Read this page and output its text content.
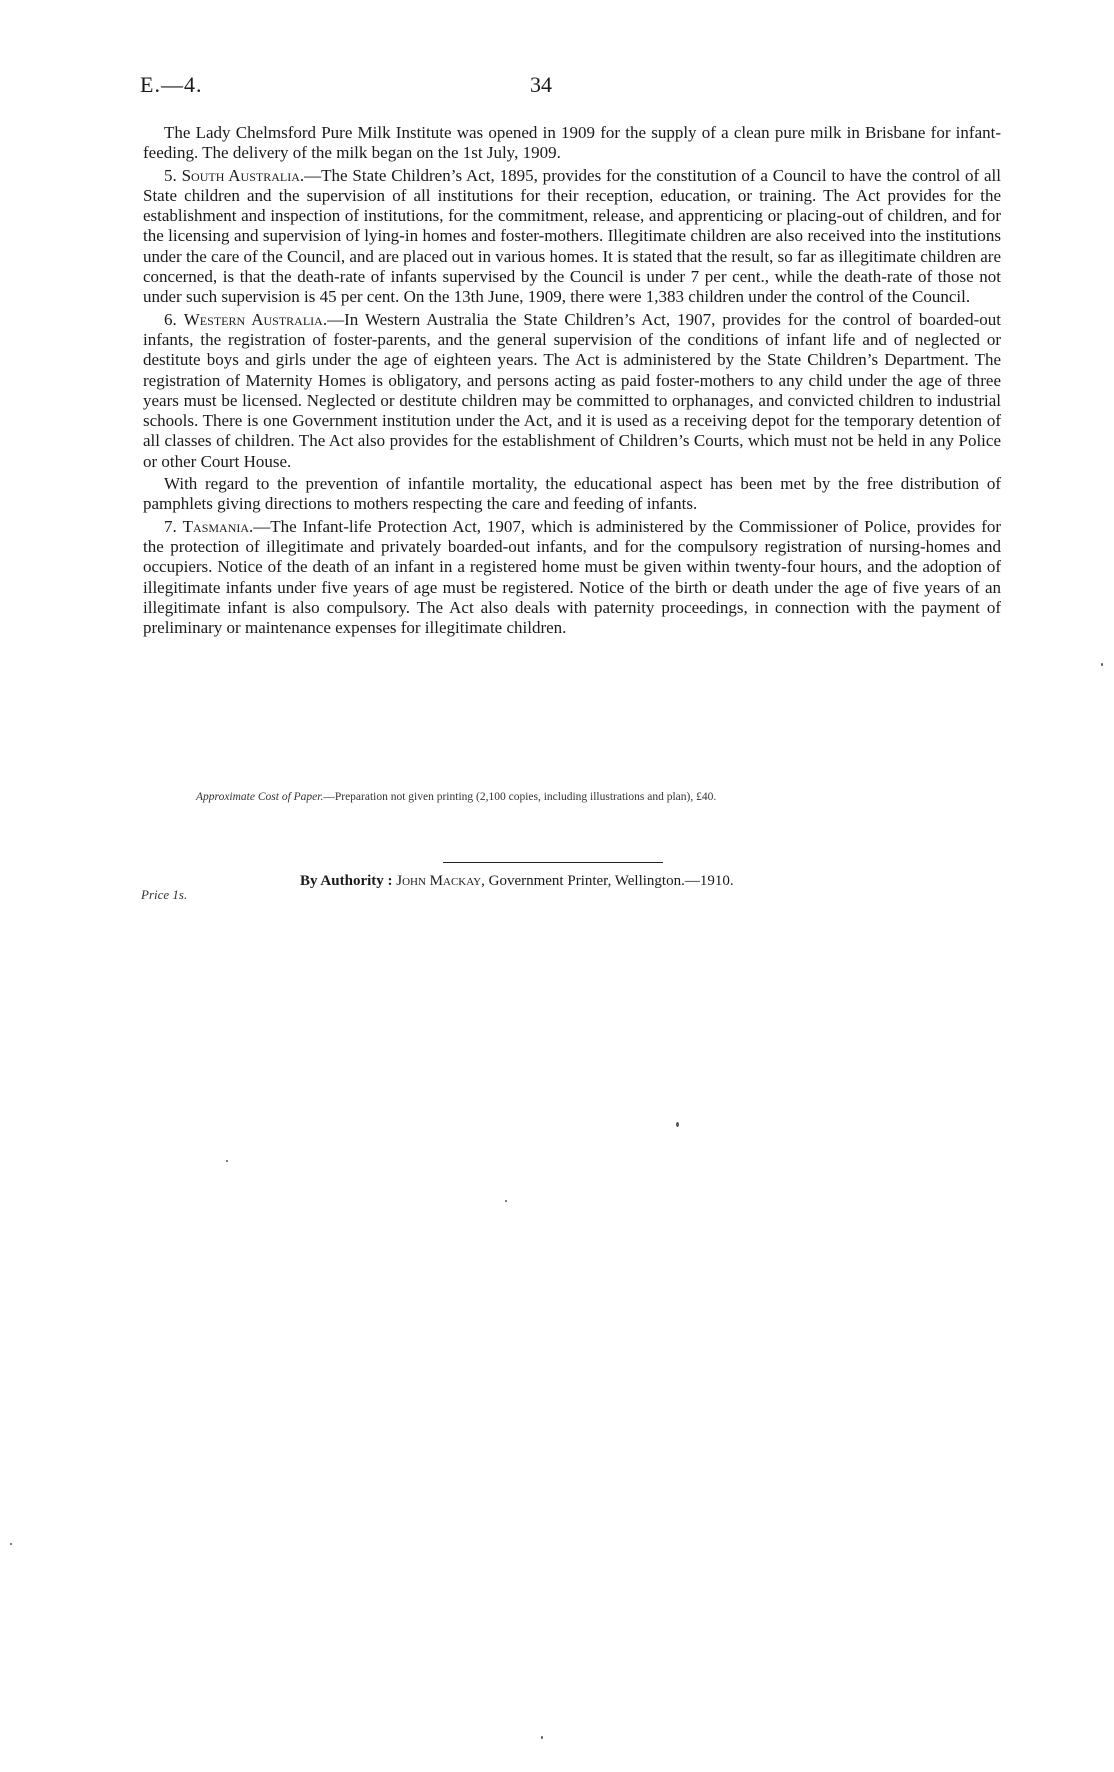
E.—4.	34

The Lady Chelmsford Pure Milk Institute was opened in 1909 for the supply of a clean pure milk in Brisbane for infant-feeding. The delivery of the milk began on the 1st July, 1909.

5. South Australia.—The State Children’s Act, 1895, provides for the constitution of a Council to have the control of all State children and the supervision of all institutions for their reception, education, or training. The Act provides for the establishment and inspection of institutions, for the commitment, release, and apprenticing or placing-out of children, and for the licensing and supervision of lying-in homes and foster-mothers. Illegitimate children are also received into the institutions under the care of the Council, and are placed out in various homes. It is stated that the result, so far as illegitimate children are concerned, is that the death-rate of infants supervised by the Council is under 7 per cent., while the death-rate of those not under such supervision is 45 per cent. On the 13th June, 1909, there were 1,383 children under the control of the Council.

6. Western Australia.—In Western Australia the State Children’s Act, 1907, provides for the control of boarded-out infants, the registration of foster-parents, and the general supervision of the conditions of infant life and of neglected or destitute boys and girls under the age of eighteen years. The Act is administered by the State Children’s Department. The registration of Maternity Homes is obligatory, and persons acting as paid foster-mothers to any child under the age of three years must be licensed. Neglected or destitute children may be committed to orphanages, and convicted children to industrial schools. There is one Government institution under the Act, and it is used as a receiving depot for the temporary detention of all classes of children. The Act also provides for the establishment of Children’s Courts, which must not be held in any Police or other Court House.

With regard to the prevention of infantile mortality, the educational aspect has been met by the free distribution of pamphlets giving directions to mothers respecting the care and feeding of infants.

7. Tasmania.—The Infant-life Protection Act, 1907, which is administered by the Commissioner of Police, provides for the protection of illegitimate and privately boarded-out infants, and for the compulsory registration of nursing-homes and occupiers. Notice of the death of an infant in a registered home must be given within twenty-four hours, and the adoption of illegitimate infants under five years of age must be registered. Notice of the birth or death under the age of five years of an illegitimate infant is also compulsory. The Act also deals with paternity proceedings, in connection with the payment of preliminary or maintenance expenses for illegitimate children.

Approximate Cost of Paper.—Preparation not given printing (2,100 copies, including illustrations and plan), £40.
By Authority : John Mackay, Government Printer, Wellington.—1910.
Price 1s.
